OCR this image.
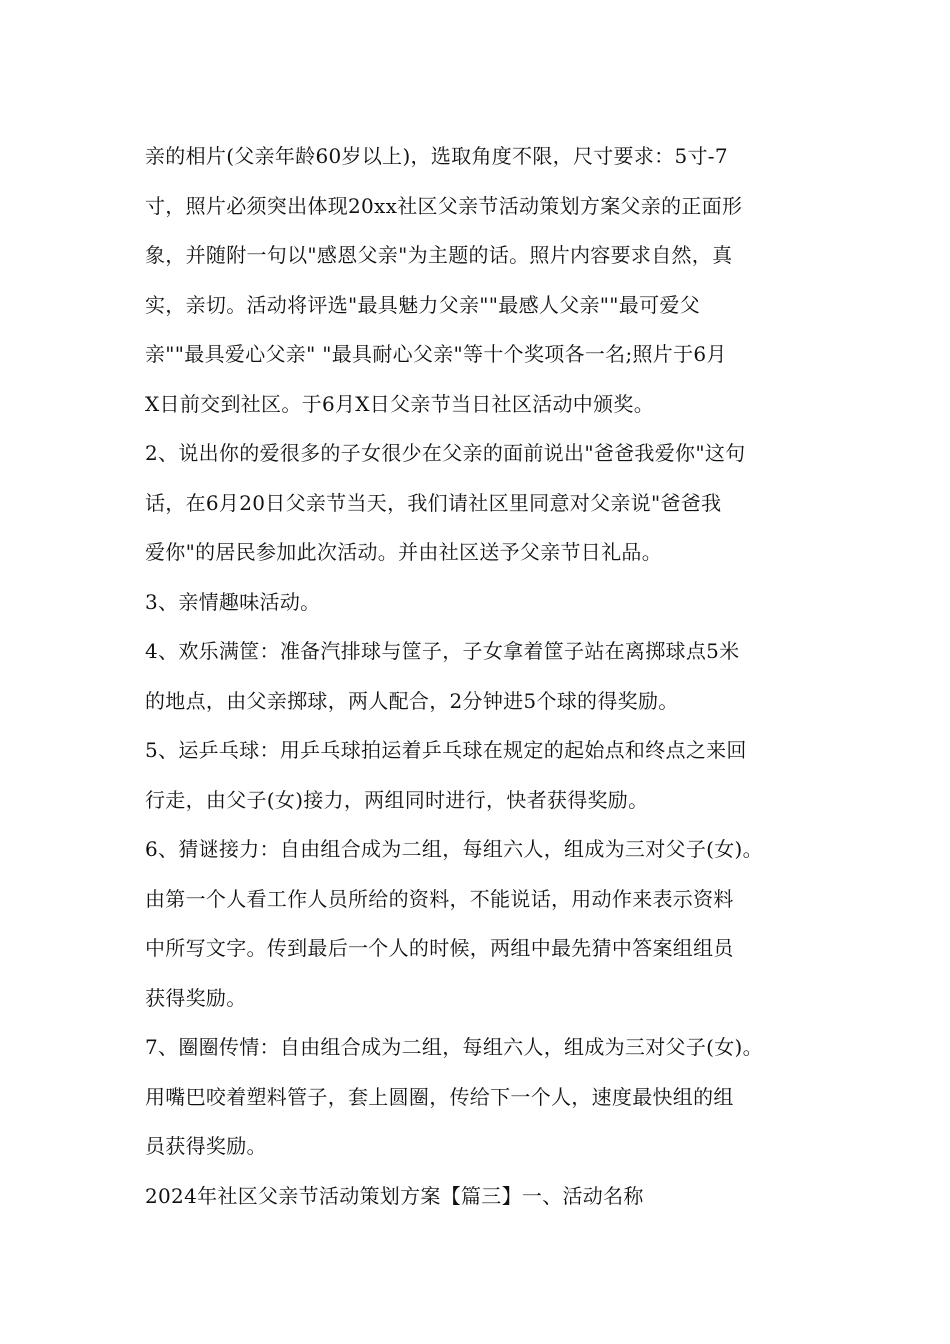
亲的相片(父亲年龄60岁以上)，选取角度不限，尺寸要求：5寸-7
寸，照片必须突出体现20xx社区父亲节活动策划方案父亲的正面形
象，并随附一句以"感恩父亲"为主题的话。照片内容要求自然，真
实，亲切。活动将评选"最具魅力父亲""最感人父亲""最可爱父
亲""最具爱心父亲" "最具耐心父亲"等十个奖项各一名;照片于6月
X日前交到社区。于6月X日父亲节当日社区活动中颁奖。

2、说出你的爱很多的子女很少在父亲的面前说出"爸爸我爱你"这句
话，在6月20日父亲节当天，我们请社区里同意对父亲说"爸爸我
爱你"的居民参加此次活动。并由社区送予父亲节日礼品。

3、亲情趣味活动。

4、欢乐满筐：准备汽排球与筐子，子女拿着筐子站在离掷球点5米
的地点，由父亲掷球，两人配合，2分钟进5个球的得奖励。

5、运乒乓球：用乒乓球拍运着乒乓球在规定的起始点和终点之来回
行走，由父子(女)接力，两组同时进行，快者获得奖励。

6、猜谜接力：自由组合成为二组，每组六人，组成为三对父子(女)。
由第一个人看工作人员所给的资料，不能说话，用动作来表示资料
中所写文字。传到最后一个人的时候，两组中最先猜中答案组组员
获得奖励。

7、圈圈传情：自由组合成为二组，每组六人，组成为三对父子(女)。
用嘴巴咬着塑料管子，套上圆圈，传给下一个人，速度最快组的组
员获得奖励。

2024年社区父亲节活动策划方案【篇三】一、活动名称
